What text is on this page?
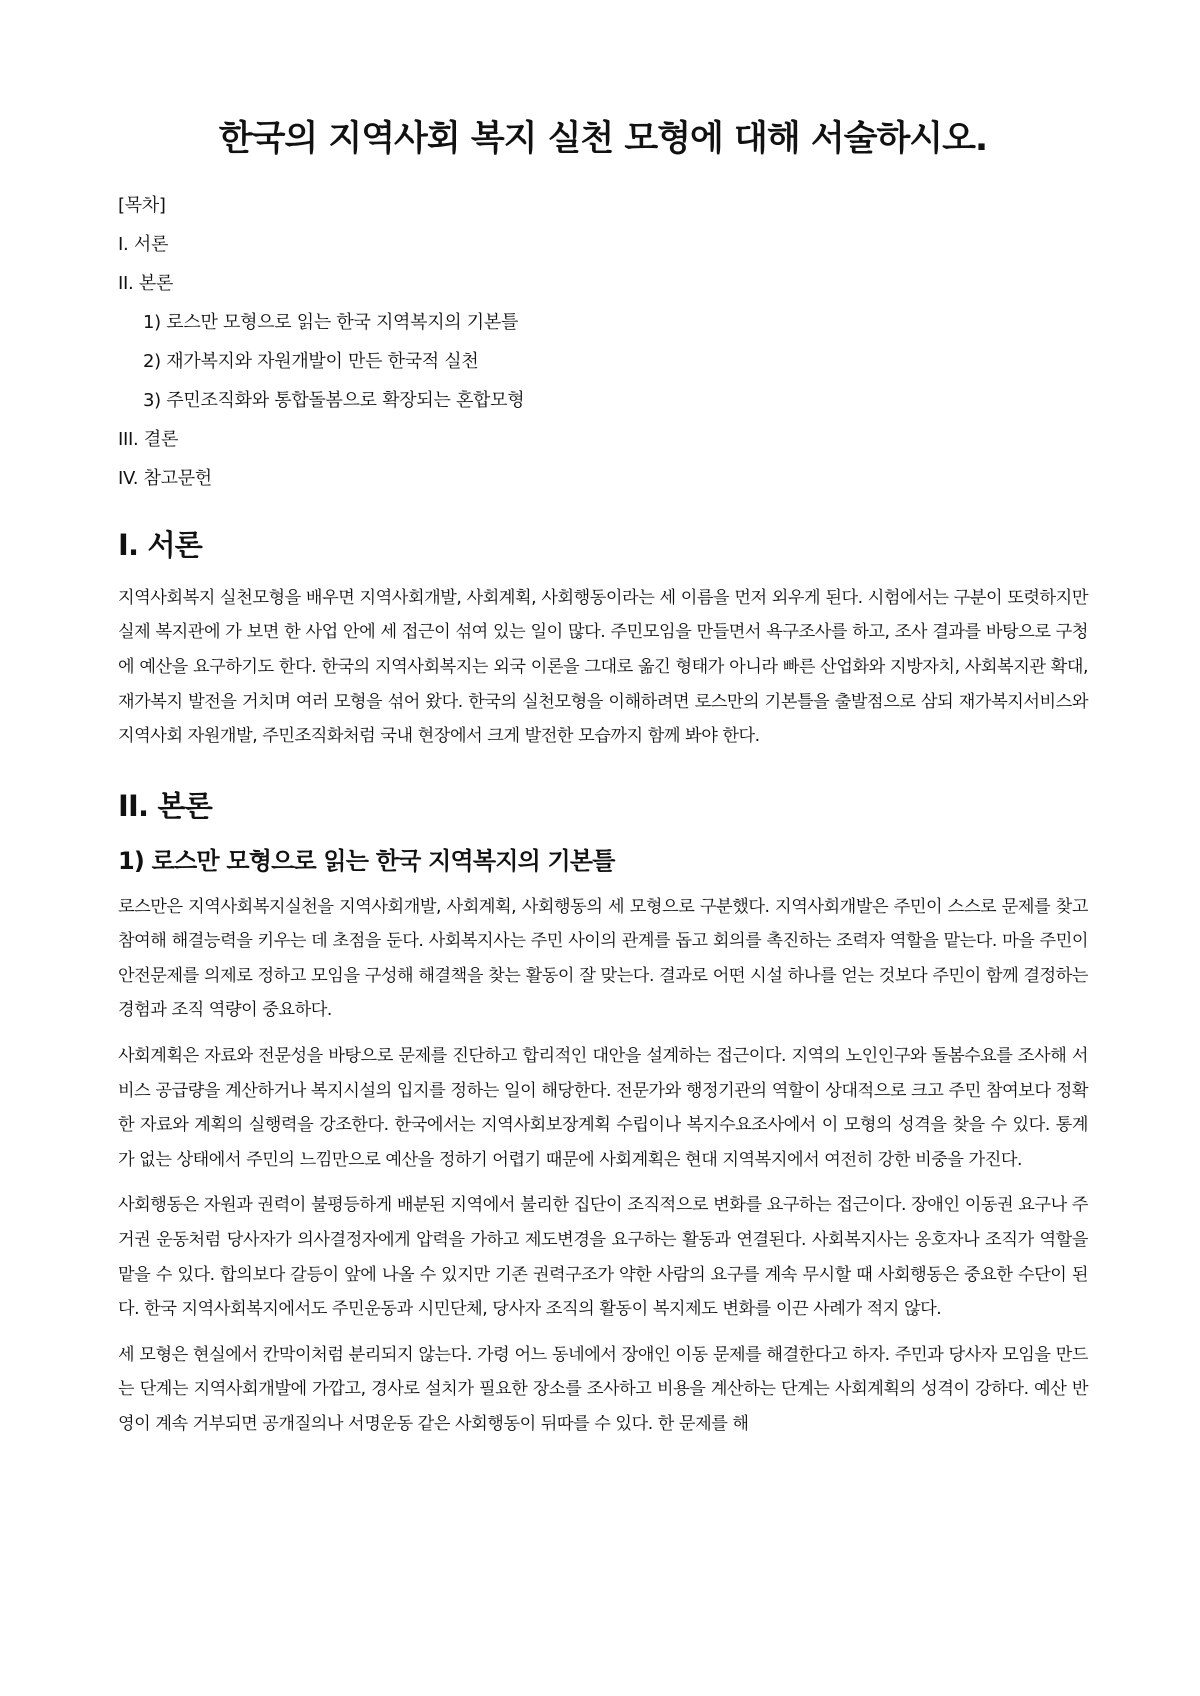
한국의 지역사회 복지 실천 모형에 대해 서술하시오.

[목차]

I. 서론

II. 본론

1) 로스만 모형으로 읽는 한국 지역복지의 기본틀

2) 재가복지와 자원개발이 만든 한국적 실천

3) 주민조직화와 통합돌봄으로 확장되는 혼합모형

III. 결론

IV. 참고문헌

I. 서론

지역사회복지 실천모형을 배우면 지역사회개발, 사회계획, 사회행동이라는 세 이름을 먼저 외우게 된다. 시험에서는 구분이 또렷하지만 실제 복지관에 가 보면 한 사업 안에 세 접근이 섞여 있는 일이 많다. 주민모임을 만들면서 욕구조사를 하고, 조사 결과를 바탕으로 구청에 예산을 요구하기도 한다. 한국의 지역사회복지는 외국 이론을 그대로 옮긴 형태가 아니라 빠른 산업화와 지방자치, 사회복지관 확대, 재가복지 발전을 거치며 여러 모형을 섞어 왔다. 한국의 실천모형을 이해하려면 로스만의 기본틀을 출발점으로 삼되 재가복지서비스와 지역사회 자원개발, 주민조직화처럼 국내 현장에서 크게 발전한 모습까지 함께 봐야 한다.

II. 본론
1) 로스만 모형으로 읽는 한국 지역복지의 기본틀

로스만은 지역사회복지실천을 지역사회개발, 사회계획, 사회행동의 세 모형으로 구분했다. 지역사회개발은 주민이 스스로 문제를 찾고 참여해 해결능력을 키우는 데 초점을 둔다. 사회복지사는 주민 사이의 관계를 돕고 회의를 촉진하는 조력자 역할을 맡는다. 마을 주민이 안전문제를 의제로 정하고 모임을 구성해 해결책을 찾는 활동이 잘 맞는다. 결과로 어떤 시설 하나를 얻는 것보다 주민이 함께 결정하는 경험과 조직 역량이 중요하다.

사회계획은 자료와 전문성을 바탕으로 문제를 진단하고 합리적인 대안을 설계하는 접근이다. 지역의 노인인구와 돌봄수요를 조사해 서비스 공급량을 계산하거나 복지시설의 입지를 정하는 일이 해당한다. 전문가와 행정기관의 역할이 상대적으로 크고 주민 참여보다 정확한 자료와 계획의 실행력을 강조한다. 한국에서는 지역사회보장계획 수립이나 복지수요조사에서 이 모형의 성격을 찾을 수 있다. 통계가 없는 상태에서 주민의 느낌만으로 예산을 정하기 어렵기 때문에 사회계획은 현대 지역복지에서 여전히 강한 비중을 가진다.

사회행동은 자원과 권력이 불평등하게 배분된 지역에서 불리한 집단이 조직적으로 변화를 요구하는 접근이다. 장애인 이동권 요구나 주거권 운동처럼 당사자가 의사결정자에게 압력을 가하고 제도변경을 요구하는 활동과 연결된다. 사회복지사는 옹호자나 조직가 역할을 맡을 수 있다. 합의보다 갈등이 앞에 나올 수 있지만 기존 권력구조가 약한 사람의 요구를 계속 무시할 때 사회행동은 중요한 수단이 된다. 한국 지역사회복지에서도 주민운동과 시민단체, 당사자 조직의 활동이 복지제도 변화를 이끈 사례가 적지 않다.

세 모형은 현실에서 칸막이처럼 분리되지 않는다. 가령 어느 동네에서 장애인 이동 문제를 해결한다고 하자. 주민과 당사자 모임을 만드는 단계는 지역사회개발에 가깝고, 경사로 설치가 필요한 장소를 조사하고 비용을 계산하는 단계는 사회계획의 성격이 강하다. 예산 반영이 계속 거부되면 공개질의나 서명운동 같은 사회행동이 뒤따를 수 있다. 한 문제를 해
